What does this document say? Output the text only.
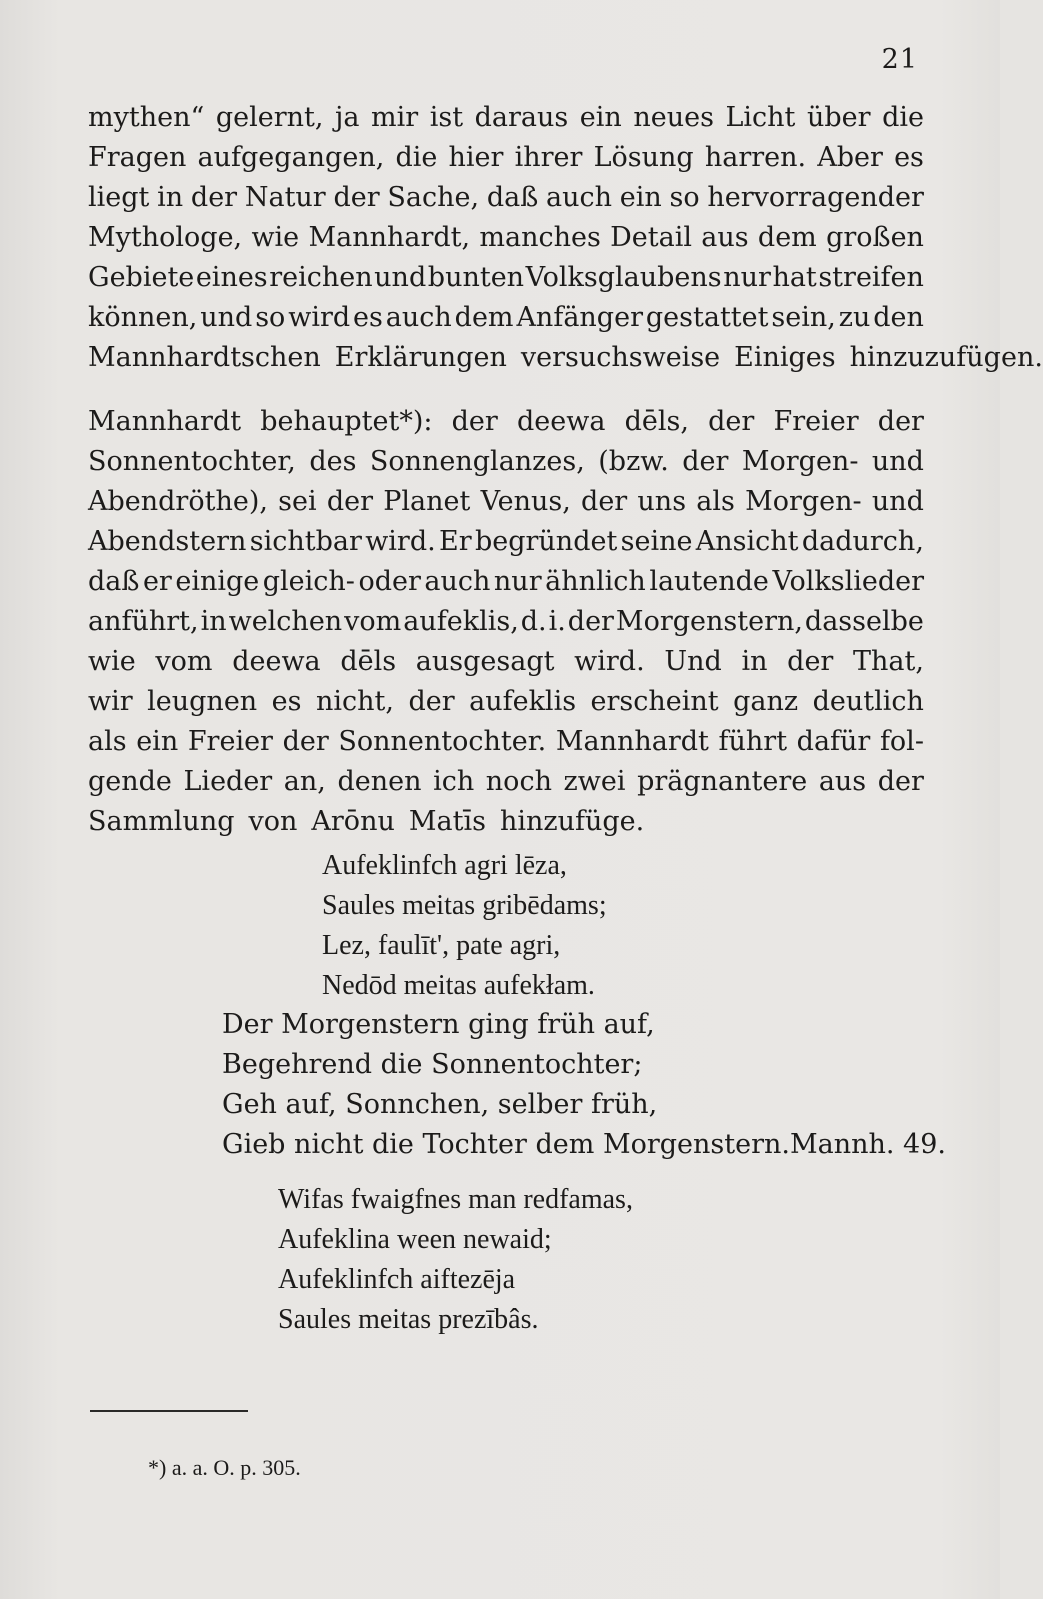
21
mythen“ gelernt, ja mir ist daraus ein neues Licht über die
Fragen aufgegangen, die hier ihrer Lösung harren. Aber es
liegt in der Natur der Sache, daß auch ein so hervorragender
Mythologe, wie Mannhardt, manches Detail aus dem großen
Gebiete eines reichen und bunten Volksglaubens nur hat streifen
können, und so wird es auch dem Anfänger gestattet sein, zu den
Mannhardtschen Erklärungen versuchsweise Einiges hinzuzufügen.
Mannhardt behauptet*): der deewa dēls, der Freier der
Sonnentochter, des Sonnenglanzes, (bzw. der Morgen- und
Abendröthe), sei der Planet Venus, der uns als Morgen- und
Abendstern sichtbar wird. Er begründet seine Ansicht dadurch,
daß er einige gleich- oder auch nur ähnlich lautende Volkslieder
anführt, in welchen vom aufeklis, d. i. der Morgenstern, dasselbe
wie vom deewa dēls ausgesagt wird. Und in der That,
wir leugnen es nicht, der aufeklis erscheint ganz deutlich
als ein Freier der Sonnentochter. Mannhardt führt dafür fol-
gende Lieder an, denen ich noch zwei prägnantere aus der
Sammlung von Arōnu Matīs hinzufüge.
Aufeklinfch agri lēza,
Saules meitas gribēdams;
Lez, faulīt', pate agri,
Nedōd meitas aufekłam.
Der Morgenstern ging früh auf,
Begehrend die Sonnentochter;
Geh auf, Sonnchen, selber früh,
Gieb nicht die Tochter dem Morgenstern. Mannh. 49.
Wifas fwaigfnes man redfamas,
Aufeklina ween newaid;
Aufeklinfch aiftezēja
Saules meitas prezībâs.
*) a. a. O. p. 305.
